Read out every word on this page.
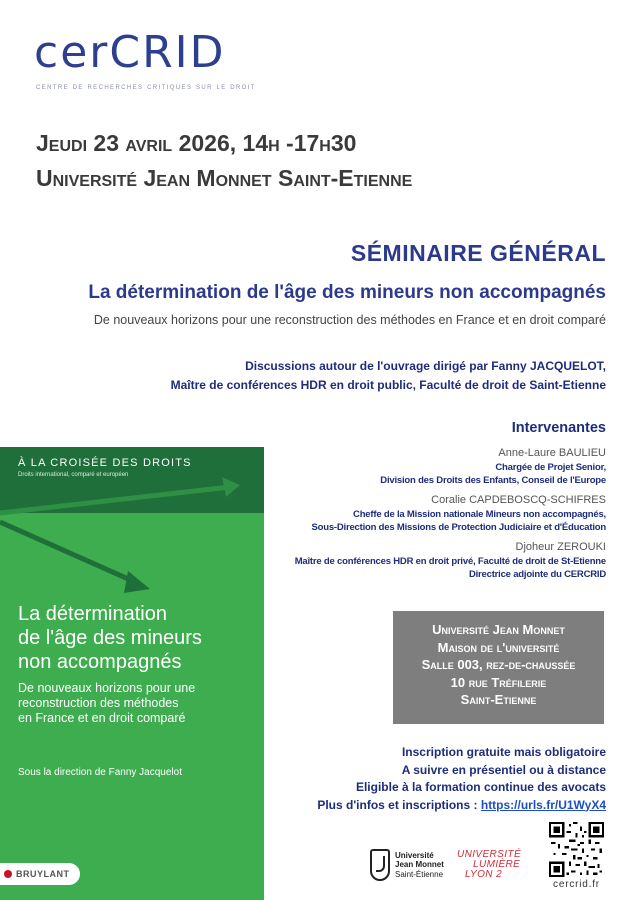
cerCRID
centre de recherches critiques sur le droit
Jeudi 23 avril 2026, 14h -17h30
Université Jean Monnet Saint-Etienne
SÉMINAIRE GÉNÉRAL
La détermination de l'âge des mineurs non accompagnés
De nouveaux horizons pour une reconstruction des méthodes en France et en droit comparé
Discussions autour de l'ouvrage dirigé par Fanny JACQUELOT,
Maître de conférences HDR en droit public, Faculté de droit de Saint-Etienne
À LA CROISÉE DES DROITS
Droits international, comparé et européen
La détermination
de l'âge des mineurs
non accompagnés
De nouveaux horizons pour une
reconstruction des méthodes
en France et en droit comparé
Sous la direction de Fanny Jacquelot
BRUYLANT
Intervenantes
Anne-Laure BAULIEU
Chargée de Projet Senior,
Division des Droits des Enfants, Conseil de l'Europe
Coralie CAPDEBOSCQ-SCHIFRES
Cheffe de la Mission nationale Mineurs non accompagnés,
Sous-Direction des Missions de Protection Judiciaire et d'Éducation
Djoheur ZEROUKI
Maître de conférences HDR en droit privé, Faculté de droit de St-Etienne
Directrice adjointe du CERCRID
Université Jean Monnet
Maison de l'université
Salle 003, rez-de-chaussée
10 rue Tréfilerie
Saint-Etienne
Inscription gratuite mais obligatoire
A suivre en présentiel ou à distance
Eligible à la formation continue des avocats
Plus d'infos et inscriptions : https://urls.fr/U1WyX4
Université
Jean Monnet
Saint-Étienne
UNIVERSITÉ
LUMIÈRE
LYON 2
cercrid.fr
